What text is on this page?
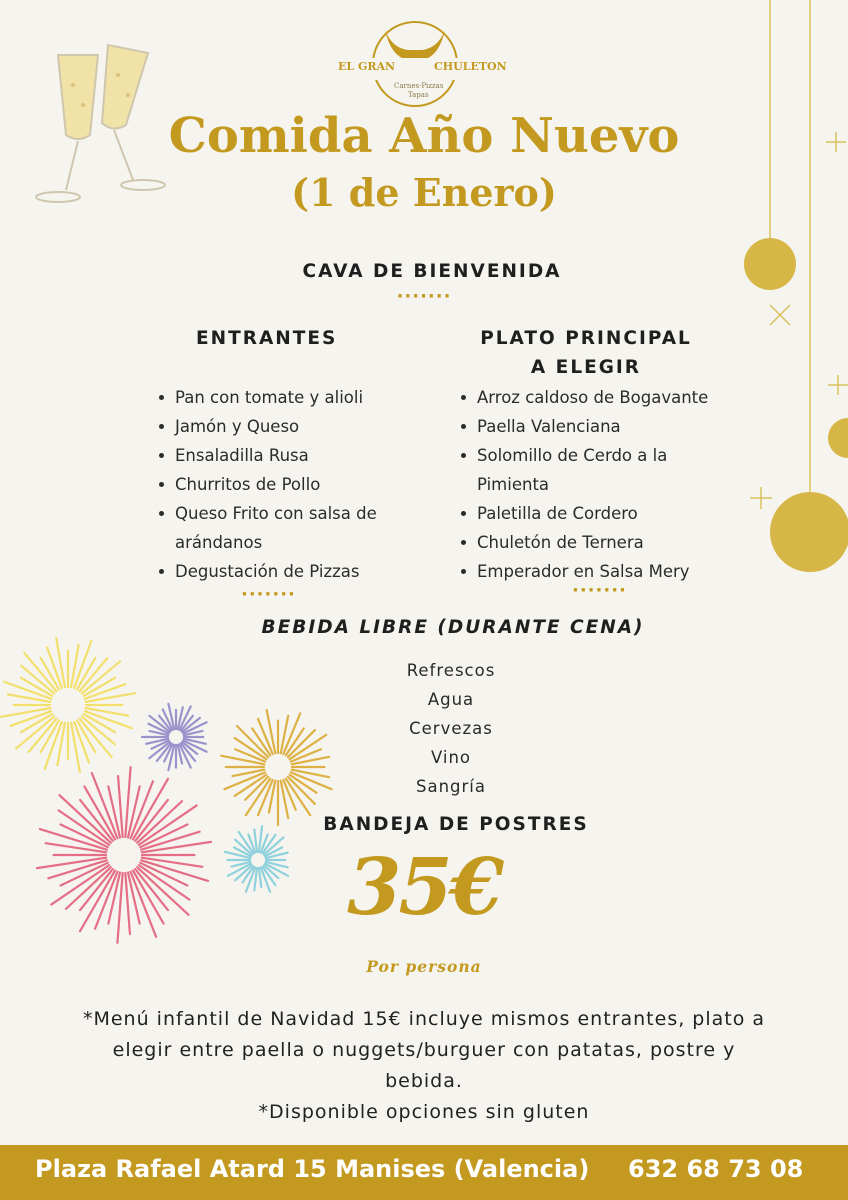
EL GRAN	CHULETON
Carnes·Pizzas
Tapas
Comida Año Nuevo
(1 de Enero)
CAVA DE BIENVENIDA
·······
ENTRANTES
Pan con tomate y alioli
Jamón y Queso
Ensaladilla Rusa
Churritos de Pollo
Queso Frito con salsa de
arándanos
Degustación de Pizzas
·······
PLATO PRINCIPAL
A ELEGIR
Arroz caldoso de Bogavante
Paella Valenciana
Solomillo de Cerdo a la
Pimienta
Paletilla de Cordero
Chuletón de Ternera
Emperador en Salsa Mery
·······
BEBIDA LIBRE (DURANTE CENA)
Refrescos
Agua
Cervezas
Vino
Sangría
BANDEJA DE POSTRES
35€
Por persona
*Menú infantil de Navidad 15€ incluye mismos entrantes, plato a
elegir entre paella o nuggets/burguer con patatas, postre y
bebida.
*Disponible opciones sin gluten
Plaza Rafael Atard 15 Manises (Valencia) 632 68 73 08
